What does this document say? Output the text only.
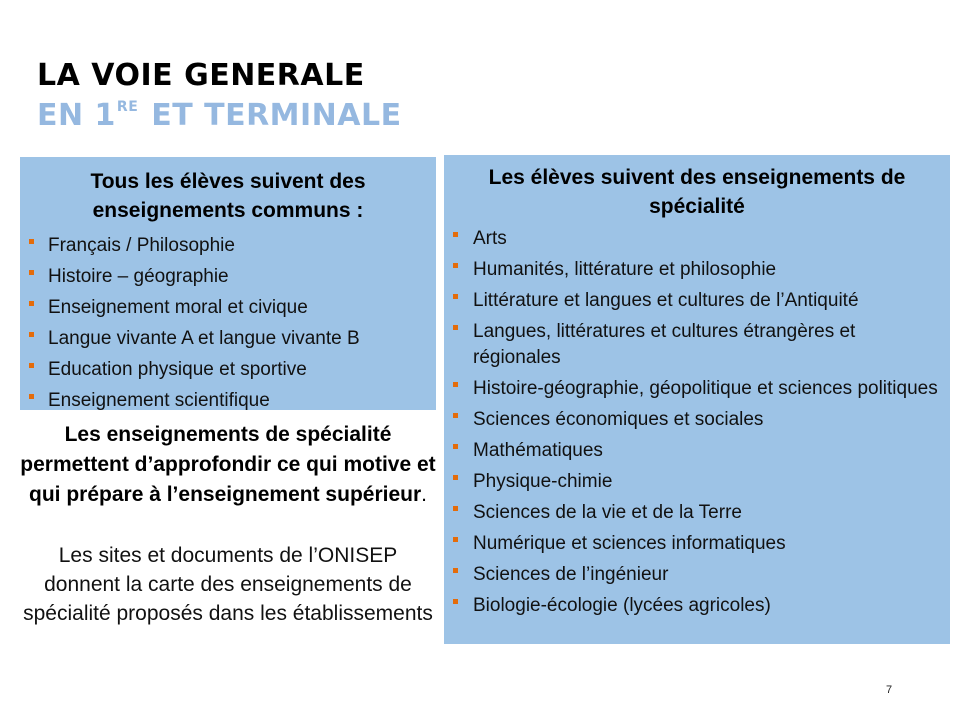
LA VOIE GENERALE
EN 1RE ET TERMINALE
Tous les élèves suivent des enseignements communs :
Français / Philosophie
Histoire – géographie
Enseignement moral et civique
Langue vivante A et langue vivante B
Education physique et sportive
Enseignement scientifique
Les enseignements de spécialité permettent d’approfondir ce qui motive et qui prépare à l’enseignement supérieur.
Les sites et documents de l’ONISEP donnent la carte des enseignements de spécialité proposés dans les établissements
Les élèves suivent des enseignements de spécialité
Arts
Humanités, littérature et philosophie
Littérature et langues et cultures de l’Antiquité
Langues, littératures et cultures étrangères et régionales
Histoire-géographie, géopolitique et sciences politiques
Sciences économiques et sociales
Mathématiques
Physique-chimie
Sciences de la vie et de la Terre
Numérique et sciences informatiques
Sciences de l’ingénieur
Biologie-écologie (lycées agricoles)
7
